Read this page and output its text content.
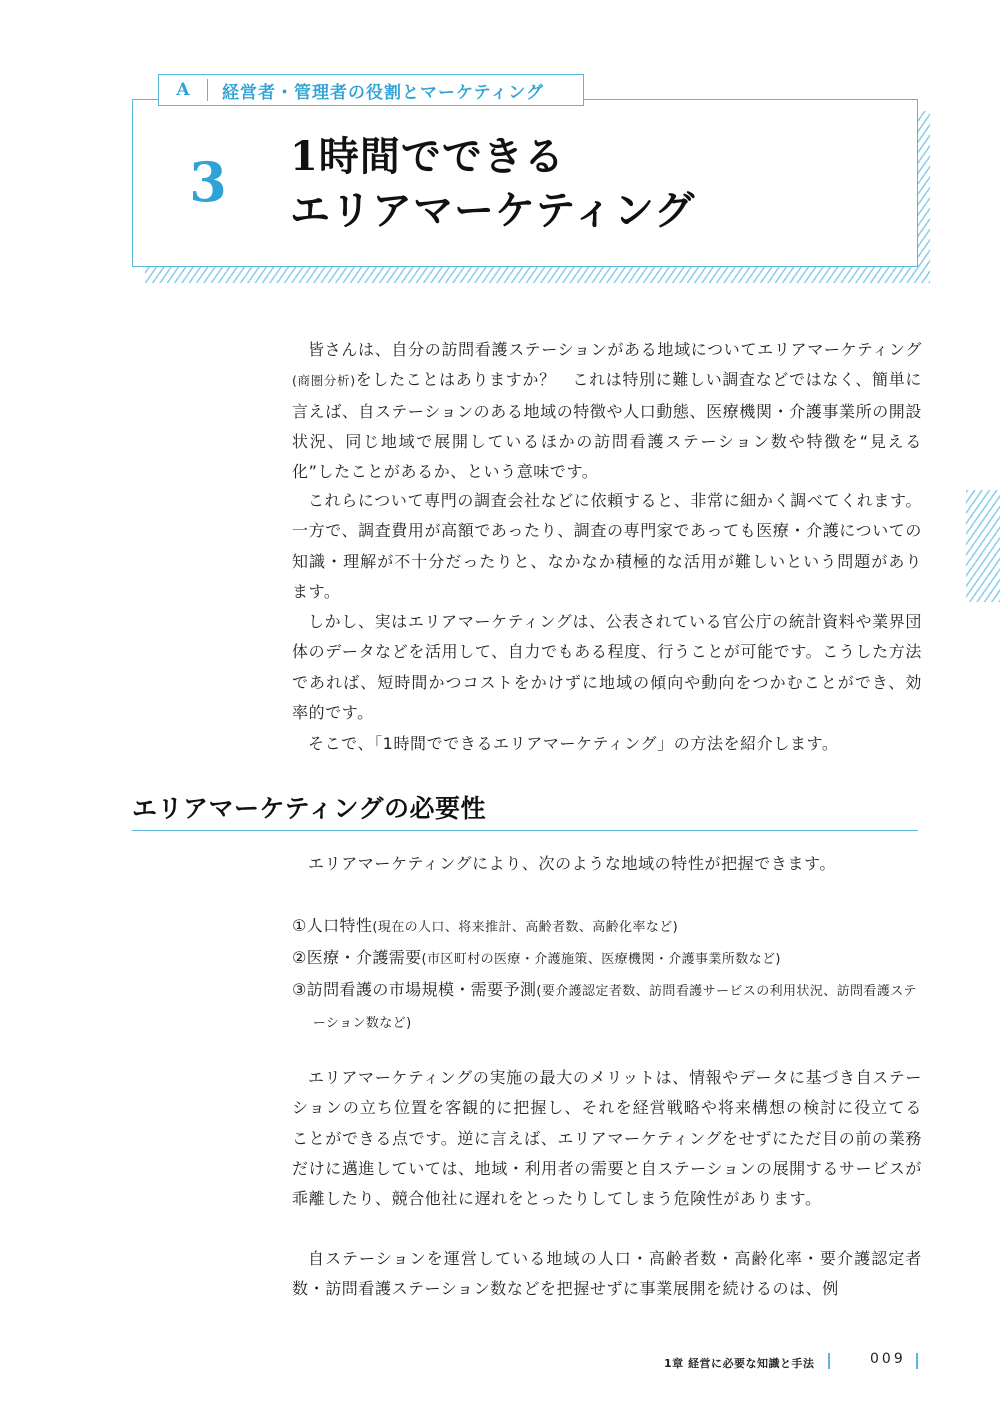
A	経営者・管理者の役割とマーケティング
3 1時間でできる
エリアマーケティング

皆さんは、自分の訪問看護ステーションがある地域についてエリアマーケティング(商圏分析)をしたことはありますか？　これは特別に難しい調査などではなく、簡単に言えば、自ステーションのある地域の特徴や人口動態、医療機関・介護事業所の開設状況、同じ地域で展開しているほかの訪問看護ステーション数や特徴を“見える化”したことがあるか、という意味です。

これらについて専門の調査会社などに依頼すると、非常に細かく調べてくれます。一方で、調査費用が高額であったり、調査の専門家であっても医療・介護についての知識・理解が不十分だったりと、なかなか積極的な活用が難しいという問題があります。

しかし、実はエリアマーケティングは、公表されている官公庁の統計資料や業界団体のデータなどを活用して、自力でもある程度、行うことが可能です。こうした方法であれば、短時間かつコストをかけずに地域の傾向や動向をつかむことができ、効率的です。

そこで、「1時間でできるエリアマーケティング」の方法を紹介します。

エリアマーケティングの必要性

エリアマーケティングにより、次のような地域の特性が把握できます。

①人口特性(現在の人口、将来推計、高齢者数、高齢化率など)
②医療・介護需要(市区町村の医療・介護施策、医療機関・介護事業所数など)
③訪問看護の市場規模・需要予測(要介護認定者数、訪問看護サービスの利用状況、訪問看護ステーション数など)

エリアマーケティングの実施の最大のメリットは、情報やデータに基づき自ステーションの立ち位置を客観的に把握し、それを経営戦略や将来構想の検討に役立てることができる点です。逆に言えば、エリアマーケティングをせずにただ目の前の業務だけに邁進していては、地域・利用者の需要と自ステーションの展開するサービスが乖離したり、競合他社に遅れをとったりしてしまう危険性があります。

自ステーションを運営している地域の人口・高齢者数・高齢化率・要介護認定者数・訪問看護ステーション数などを把握せずに事業展開を続けるのは、例

1章 経営に必要な知識と手法	009
